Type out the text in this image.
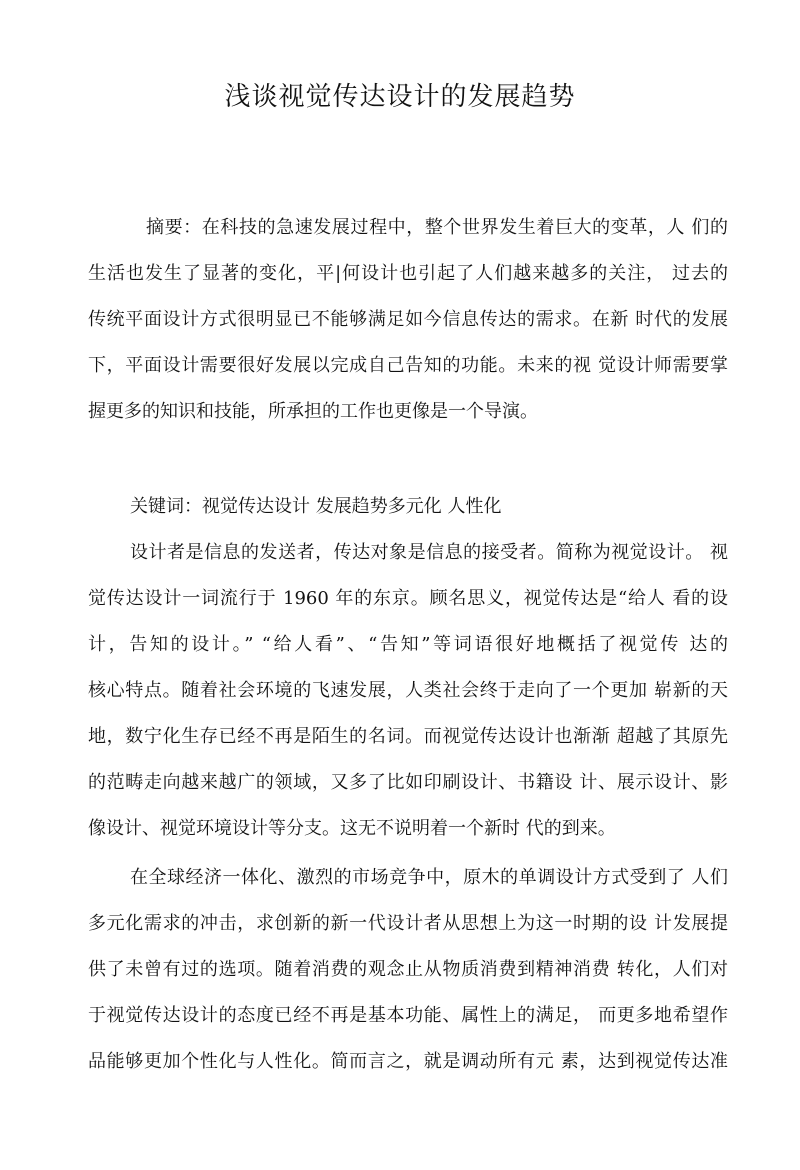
浅谈视觉传达设计的发展趋势
摘要：在科技的急速发展过程中，整个世界发生着巨大的变革，人 们的
生活也发生了显著的变化，平|何设计也引起了人们越来越多的关注， 过去的
传统平面设计方式很明显已不能够满足如今信息传达的需求。在新 时代的发展
下，平面设计需要很好发展以完成自己告知的功能。未来的视 觉设计师需要掌
握更多的知识和技能，所承担的工作也更像是一个导演。
关键词：视觉传达设计 发展趋势多元化 人性化
设计者是信息的发送者，传达对象是信息的接受者。简称为视觉设计。 视
觉传达设计一词流行于 1960 年的东京。顾名思义，视觉传达是“给人 看的设
计，告知的设计。” “给人看”、“告知”等词语很好地概括了视觉传 达的
核心特点。随着社会环境的飞速发展，人类社会终于走向了一个更加 崭新的天
地，数宁化生存已经不再是陌生的名词。而视觉传达设计也渐渐 超越了其原先
的范畴走向越来越广的领域，又多了比如印刷设计、书籍设 计、展示设计、影
像设计、视觉环境设计等分支。这无不说明着一个新时 代的到来。
在全球经济一体化、激烈的市场竞争中，原木的单调设计方式受到了 人们
多元化需求的冲击，求创新的新一代设计者从思想上为这一时期的设 计发展提
供了未曾有过的选项。随着消费的观念止从物质消费到精神消费 转化，人们对
于视觉传达设计的态度已经不再是基本功能、属性上的满足， 而更多地希望作
品能够更加个性化与人性化。简而言之，就是调动所有元 素，达到视觉传达准
